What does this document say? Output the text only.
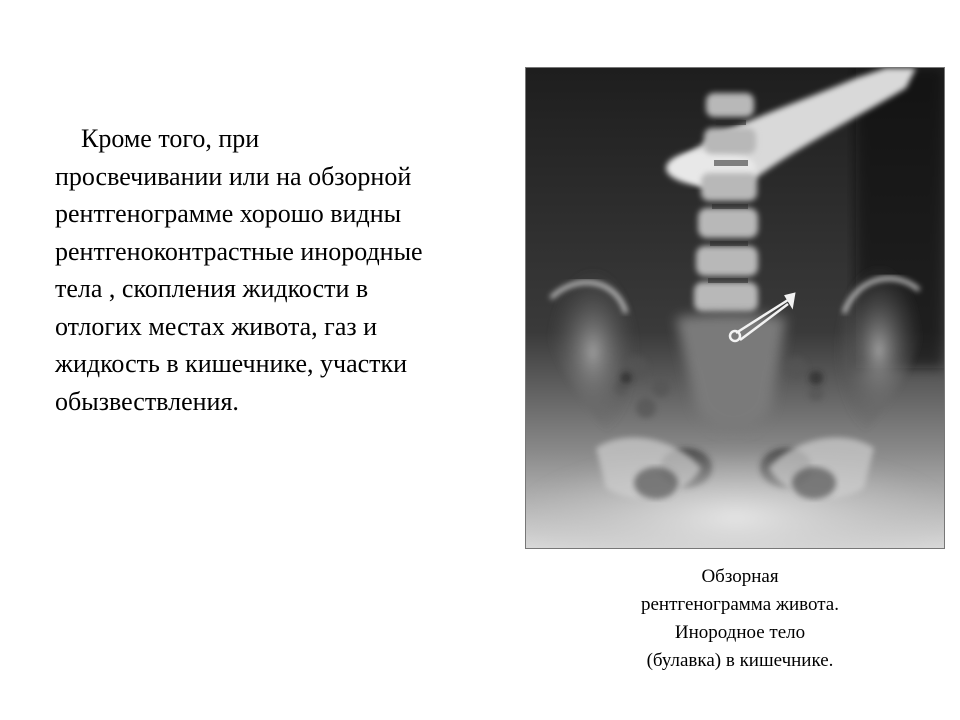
Кроме того, при
просвечивании или на обзорной
рентгенограмме хорошо видны
рентгеноконтрастные инородные
тела , скопления жидкости в
отлогих местах живота, газ и
жидкость в кишечнике, участки
обызвествления.

Обзорная
рентгенограмма живота.
Инородное тело
(булавка) в кишечнике.
